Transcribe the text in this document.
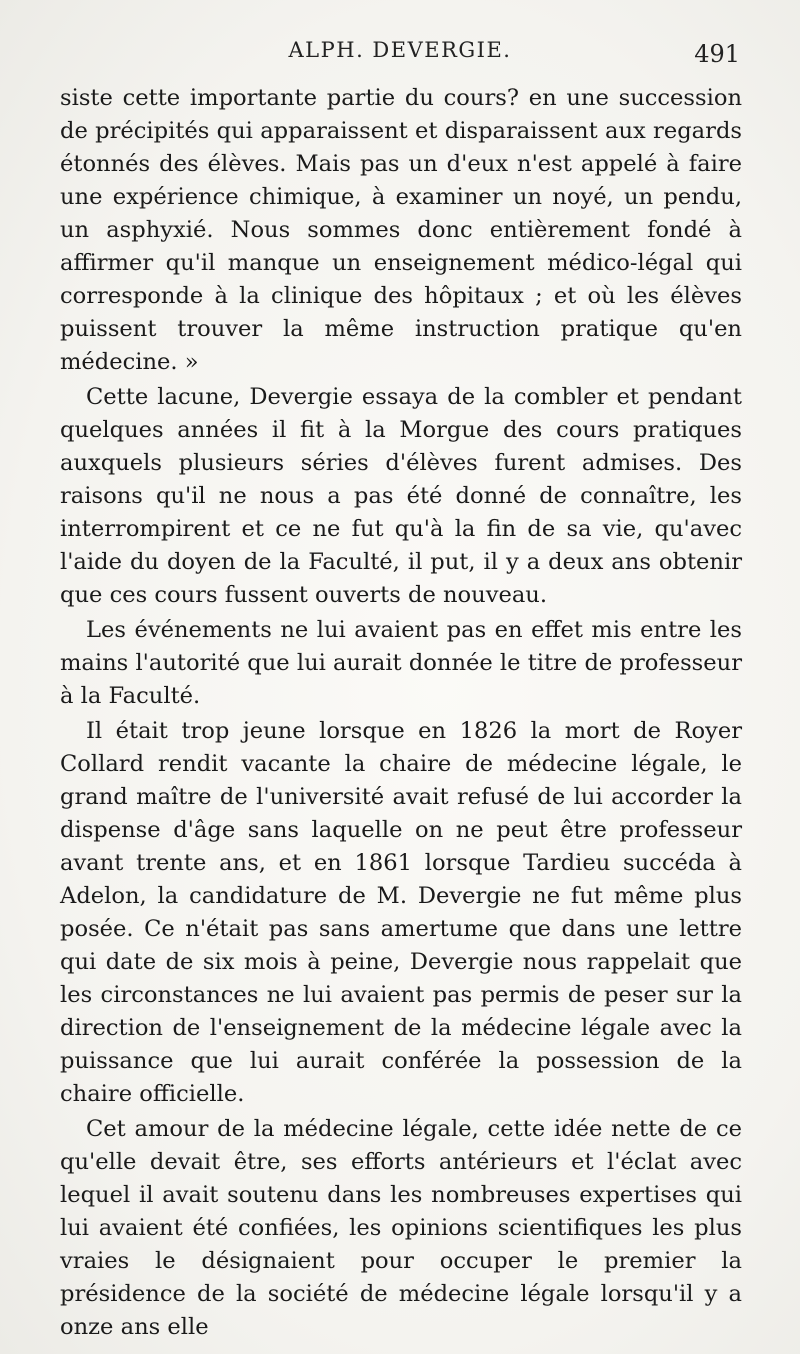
ALPH. DEVERGIE.	491

siste cette importante partie du cours? en une succession de précipités qui apparaissent et disparaissent aux regards étonnés des élèves. Mais pas un d'eux n'est appelé à faire une expérience chimique, à examiner un noyé, un pendu, un asphyxié. Nous sommes donc entièrement fondé à affirmer qu'il manque un enseignement médico-légal qui corresponde à la clinique des hôpitaux ; et où les élèves puissent trouver la même instruction pratique qu'en médecine. »

Cette lacune, Devergie essaya de la combler et pendant quelques années il fit à la Morgue des cours pratiques auxquels plusieurs séries d'élèves furent admises. Des raisons qu'il ne nous a pas été donné de connaître, les interrompirent et ce ne fut qu'à la fin de sa vie, qu'avec l'aide du doyen de la Faculté, il put, il y a deux ans obtenir que ces cours fussent ouverts de nouveau.

Les événements ne lui avaient pas en effet mis entre les mains l'autorité que lui aurait donnée le titre de professeur à la Faculté.

Il était trop jeune lorsque en 1826 la mort de Royer Collard rendit vacante la chaire de médecine légale, le grand maître de l'université avait refusé de lui accorder la dispense d'âge sans laquelle on ne peut être professeur avant trente ans, et en 1861 lorsque Tardieu succéda à Adelon, la candidature de M. Devergie ne fut même plus posée. Ce n'était pas sans amertume que dans une lettre qui date de six mois à peine, Devergie nous rappelait que les circonstances ne lui avaient pas permis de peser sur la direction de l'enseignement de la médecine légale avec la puissance que lui aurait conférée la possession de la chaire officielle.

Cet amour de la médecine légale, cette idée nette de ce qu'elle devait être, ses efforts antérieurs et l'éclat avec lequel il avait soutenu dans les nombreuses expertises qui lui avaient été confiées, les opinions scientifiques les plus vraies le désignaient pour occuper le premier la présidence de la société de médecine légale lorsqu'il y a onze ans elle
